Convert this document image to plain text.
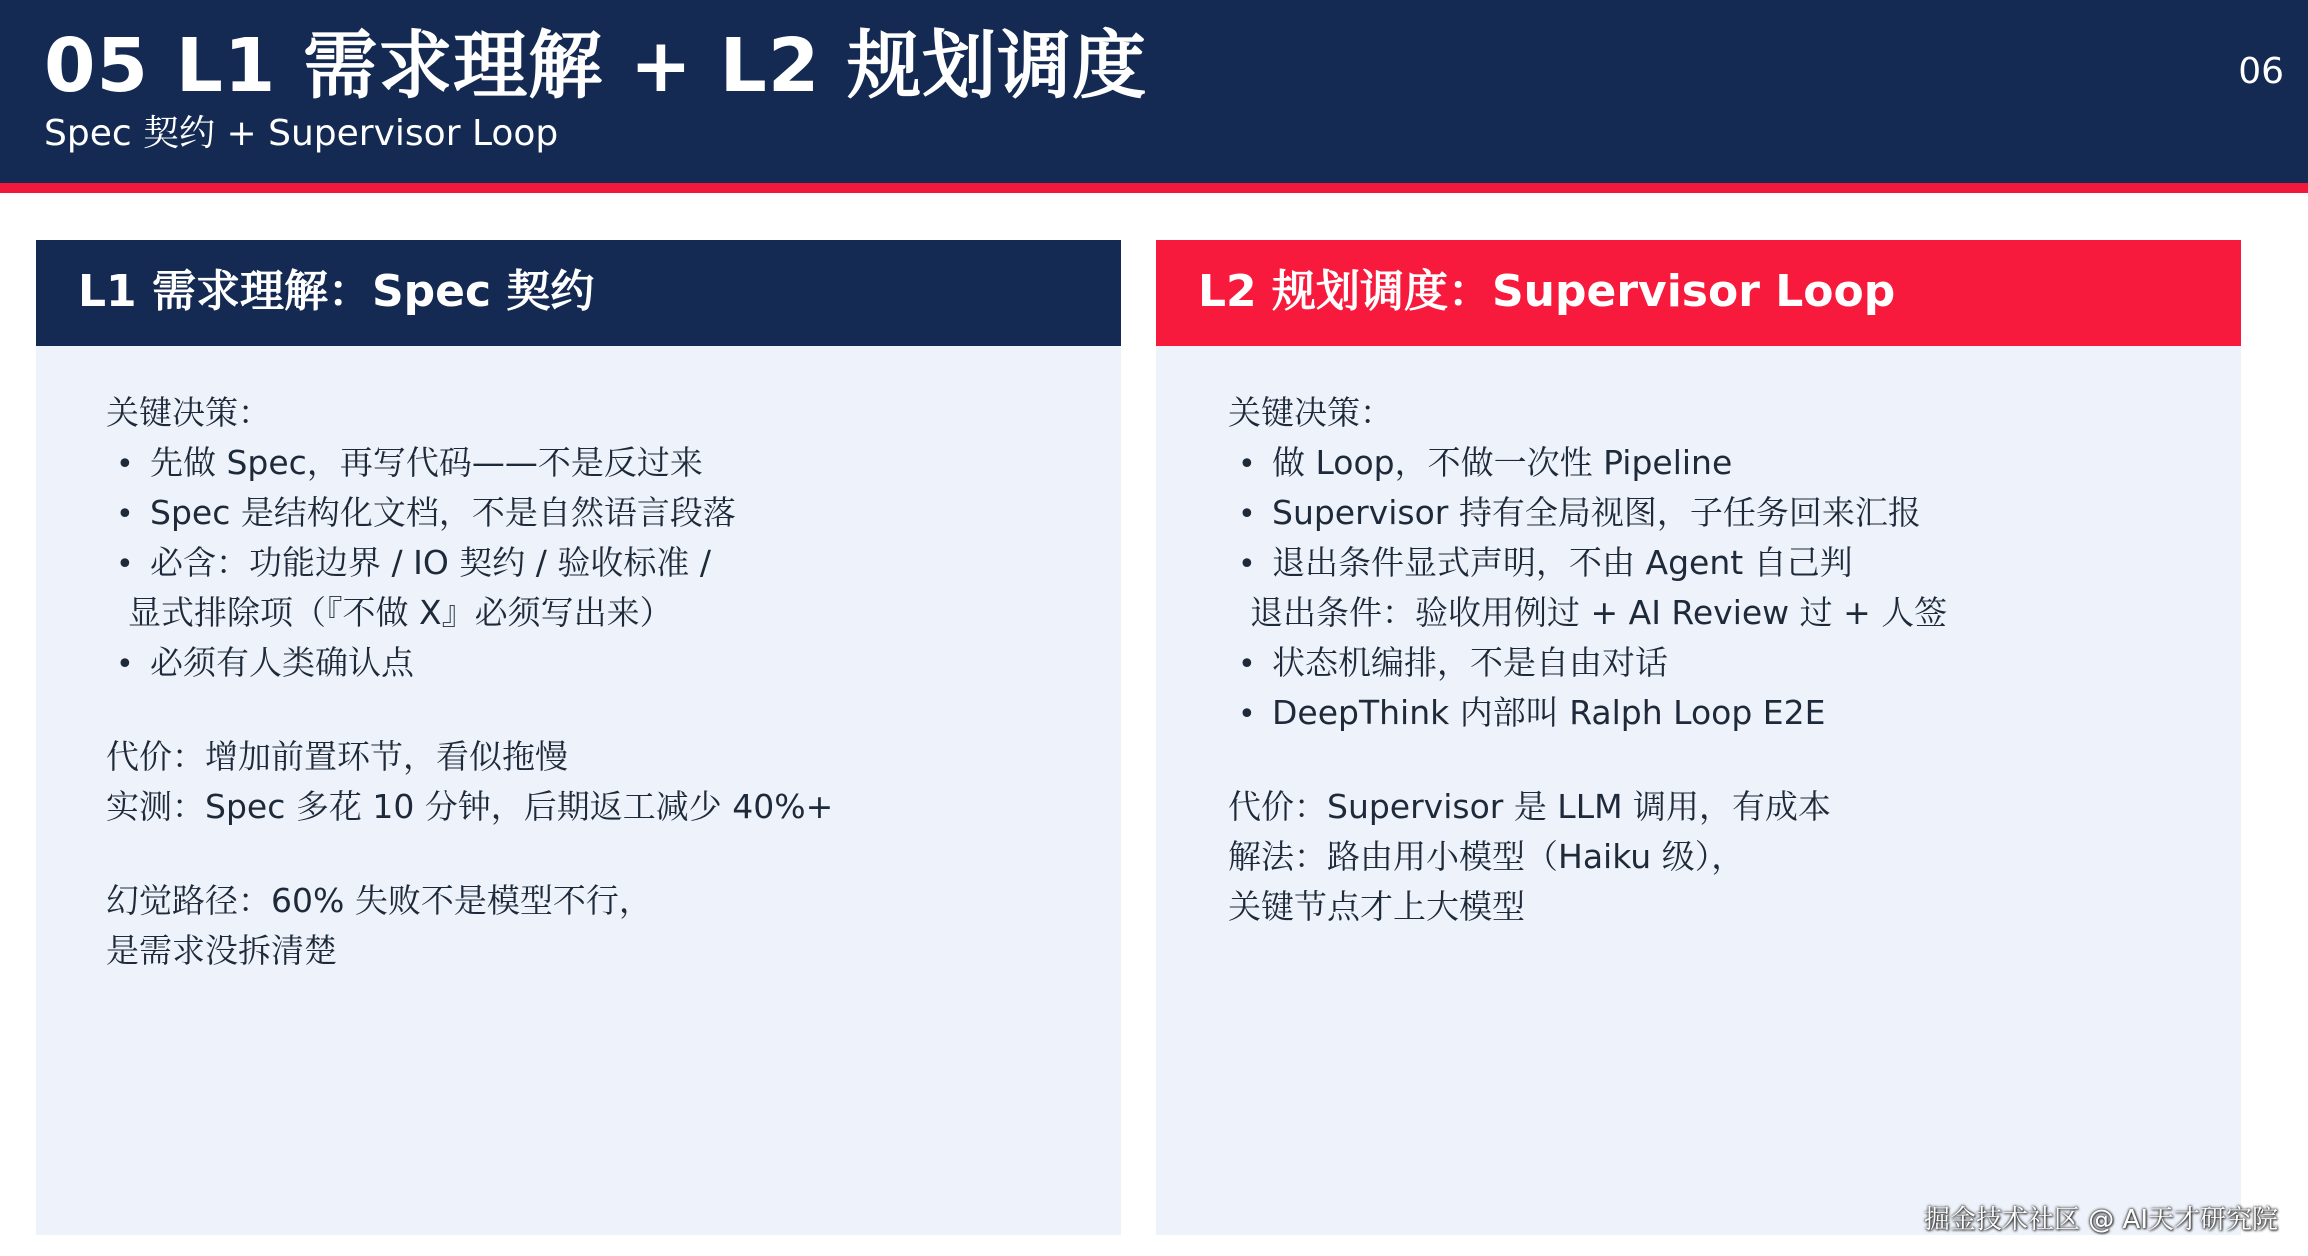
05 L1 需求理解 + L2 规划调度
Spec 契约 + Supervisor Loop
06
L1 需求理解：Spec 契约
关键决策：
• 先做 Spec，再写代码——不是反过来
• Spec 是结构化文档，不是自然语言段落
• 必含：功能边界 / IO 契约 / 验收标准 /
显式排除项（『不做 X』必须写出来）
• 必须有人类确认点
代价：增加前置环节，看似拖慢
实测：Spec 多花 10 分钟，后期返工减少 40%+
幻觉路径：60% 失败不是模型不行，
是需求没拆清楚
L2 规划调度：Supervisor Loop
关键决策：
• 做 Loop，不做一次性 Pipeline
• Supervisor 持有全局视图，子任务回来汇报
• 退出条件显式声明，不由 Agent 自己判
退出条件：验收用例过 + AI Review 过 + 人签
• 状态机编排，不是自由对话
• DeepThink 内部叫 Ralph Loop E2E
代价：Supervisor 是 LLM 调用，有成本
解法：路由用小模型（Haiku 级），
关键节点才上大模型
掘金技术社区 @ AI天才研究院
